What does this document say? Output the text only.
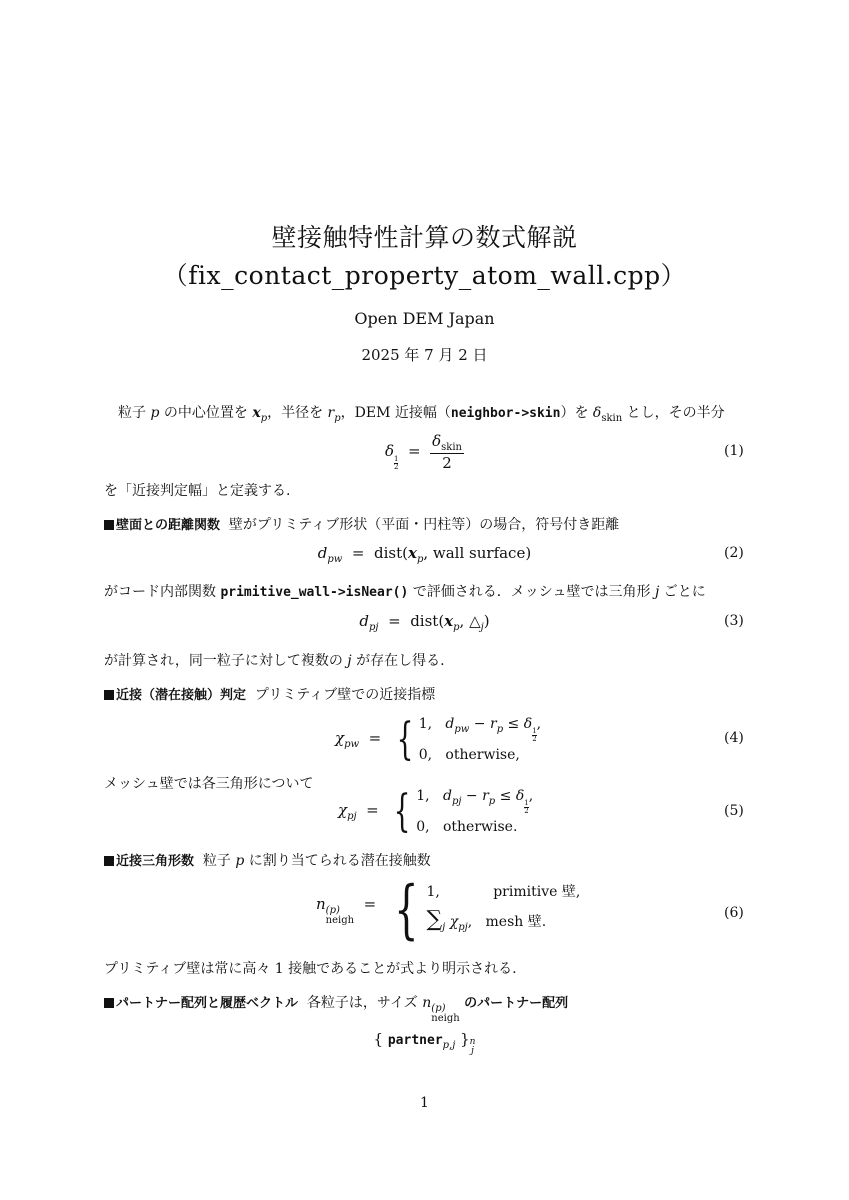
壁接触特性計算の数式解説
（fix_contact_property_atom_wall.cpp）
Open DEM Japan
2025 年 7 月 2 日
粒子 p の中心位置を $x_p$，半径を $r_p$，DEM 近接幅（neighbor->skin）を $\delta_{skin}$ とし，その半分
δ
$\frac{1}{2}$
= $\frac{\delta_{skin}}{2}$	(1)
を「近接判定幅」と定義する.
壁面との距離関数 壁がプリミティブ形状（平面・円柱等）の場合，符号付き距離
$d_{pw}$  =  $dist(x_p$, wall surface)	(2)
がコード内部関数 primitive_wall->isNear() で評価される．メッシュ壁では三角形 j ごとに
$d_{pj}$  =  $dist(x_p$, $\triangle_j$)	(3)
が計算され，同一粒子に対して複数の j が存在し得る.
近接（潜在接触）判定 プリミティブ壁での近接指標
$\chi_{pw}$  = { 1, $d_{pw} - r_p \le \delta$
$\frac{1}{2}$
,
0, otherwise,
(4)
メッシュ壁では各三角形について
$\chi_{pj}$  = { 1, $d_{pj} - r_p \le \delta$
$\frac{1}{2}$
,
0, otherwise.
(5)
近接三角形数 粒子 p に割り当てられる潜在接触数
n (p)
neigh
= { 1,	primitive 壁,
$\sum_j$ $\chi_{pj}$,   mesh 壁.
(6)
プリミティブ壁は常に高々 1 接触であることが式より明示される.
パートナー配列と履歴ベクトル 各粒子は，サイズ n (p)
neigh
のパートナー配列
{ partner$_{p,j}$ } n
j
1
